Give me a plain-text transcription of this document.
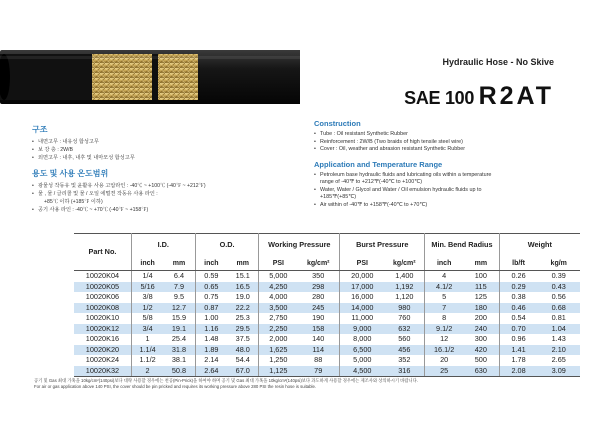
Hydraulic Hose - No Skive
SAE 100 R2AT
구조
• 내면고무 : 내유성 합성고무
• 보 강 층 : 2W/B
• 외면고무 : 내후, 내후 및 내마모성 합성고무
용도 및 사용 온도범위
• 광물성 작동유 및 윤활유 사용 고압라인 : -40℃ ~ +100℃ (-40℉ ~ +212℉)
• 물 , 물 / 글리콜 및 물 / 오일 에멀젼 작동유 사용 라인 :
+85℃ 이하 (+185℉ 이하)
• 공기 사용 라인 : -40℃ ~ +70℃ (-40℉ ~ +158℉)
Construction
• Tube : Oil resistant Synthetic Rubber
• Reinforcement : 2W/B (Two braids of high tensile steel wire)
• Cover : Oil, weather and abrasion resistant Synthetic Rubber
Application and Temperature Range
• Petroleum base hydraulic fluids and lubricating oils within a temperature
range of -40℉ to +212℉(-40℃ to +100℃)
• Water, Water / Glycol and Water / Oil emulsion hydraulic fluids up to
+185℉(+85℃)
• Air within of -40℉ to +158℉(-40℃ to +70℃)
Part No.	I.D.		O.D.		Working Pressure		Burst Pressure		Min. Bend Radius		Weight	
	inch	mm	inch	mm	PSI	kg/cm²	PSI	kg/cm²	inch	mm	lb/ft	kg/m
10020K04	1/4	6.4	0.59	15.1	5,000	350	20,000	1,400	4	100	0.26	0.39
10020K05	5/16	7.9	0.65	16.5	4,250	298	17,000	1,192	4.1/2	115	0.29	0.43
10020K06	3/8	9.5	0.75	19.0	4,000	280	16,000	1,120	5	125	0.38	0.56
10020K08	1/2	12.7	0.87	22.2	3,500	245	14,000	980	7	180	0.46	0.68
10020K10	5/8	15.9	1.00	25.3	2,750	190	11,000	760	8	200	0.54	0.81
10020K12	3/4	19.1	1.16	29.5	2,250	158	9,000	632	9.1/2	240	0.70	1.04
10020K16	1	25.4	1.48	37.5	2,000	140	8,000	560	12	300	0.96	1.43
10020K20	1.1/4	31.8	1.89	48.0	1,625	114	6,500	456	16.1/2	420	1.41	2.10
10020K24	1.1/2	38.1	2.14	54.4	1,250	88	5,000	352	20	500	1.78	2.65
10020K32	2	50.8	2.64	67.0	1,125	79	4,500	316	25	630	2.08	3.09
공기 및 Gas 최대 가혹을 10kg/cm²(140psi)보다 대략 사용할 경우에는 천공(Pin-Prick)을 하여야 하며 공기 및 Gas 최대 가혹을 10kg/cm²(140psi)보다 과도하게 사용할 경우에는 제조사와 상의하시기 바랍니다.
For air or gas application above 140 PSI, the cover should be pin pricked and requires its working pressure above 280 PSI the resin hose is suitable.
